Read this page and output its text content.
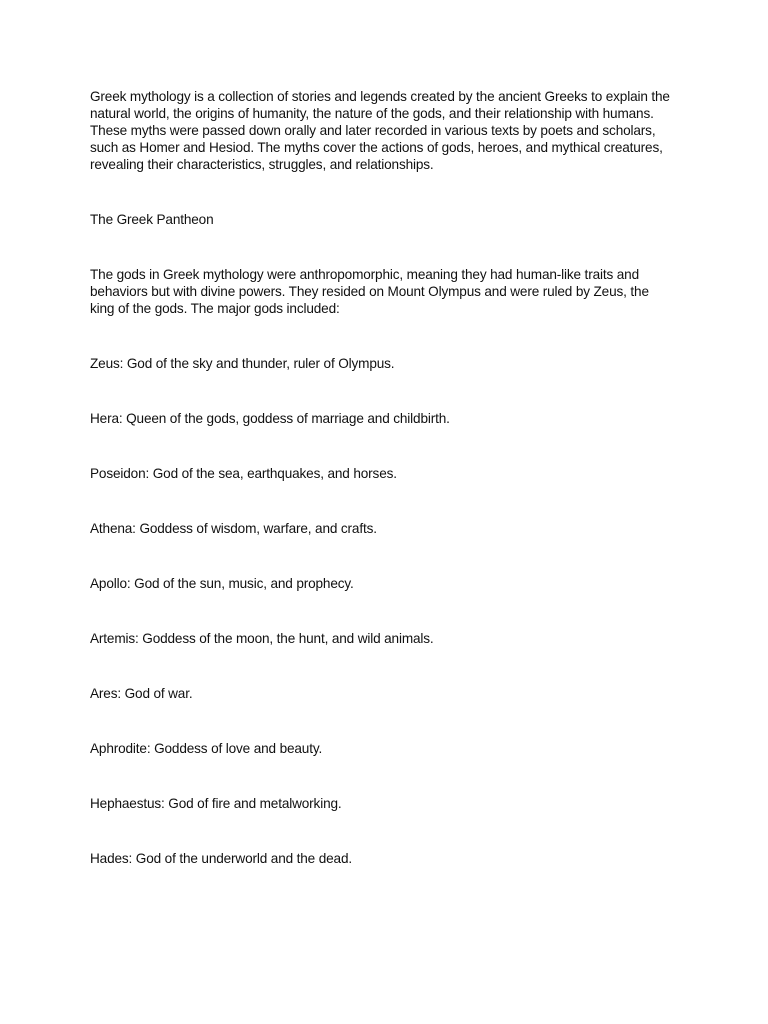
Greek mythology is a collection of stories and legends created by the ancient Greeks to explain the natural world, the origins of humanity, the nature of the gods, and their relationship with humans. These myths were passed down orally and later recorded in various texts by poets and scholars, such as Homer and Hesiod. The myths cover the actions of gods, heroes, and mythical creatures, revealing their characteristics, struggles, and relationships.

The Greek Pantheon

The gods in Greek mythology were anthropomorphic, meaning they had human-like traits and behaviors but with divine powers. They resided on Mount Olympus and were ruled by Zeus, the king of the gods. The major gods included:

Zeus: God of the sky and thunder, ruler of Olympus.

Hera: Queen of the gods, goddess of marriage and childbirth.

Poseidon: God of the sea, earthquakes, and horses.

Athena: Goddess of wisdom, warfare, and crafts.

Apollo: God of the sun, music, and prophecy.

Artemis: Goddess of the moon, the hunt, and wild animals.

Ares: God of war.

Aphrodite: Goddess of love and beauty.

Hephaestus: God of fire and metalworking.

Hades: God of the underworld and the dead.
